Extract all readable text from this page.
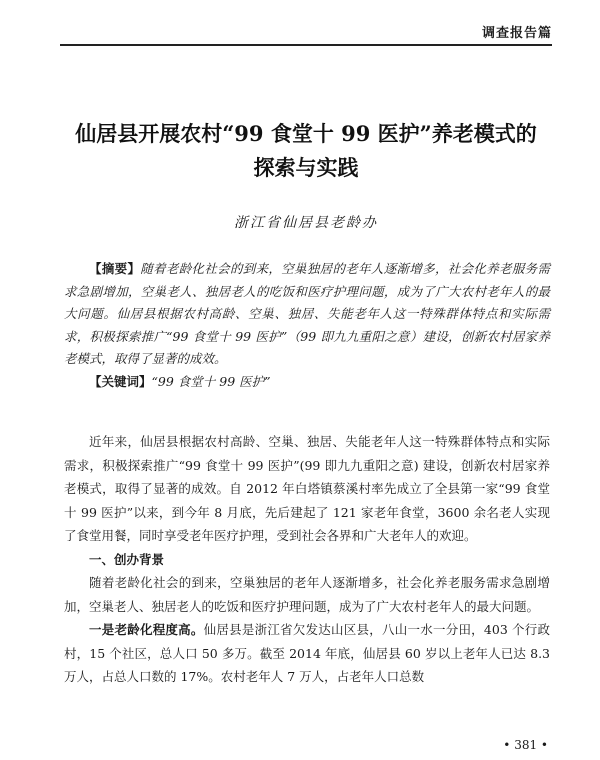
调查报告篇
仙居县开展农村“99 食堂十 99 医护”养老模式的
探索与实践
浙江省仙居县老龄办

【摘要】随着老龄化社会的到来，空巢独居的老年人逐渐增多，社会化养老服务需求急剧增加，空巢老人、独居老人的吃饭和医疗护理问题，成为了广大农村老年人的最大问题。仙居县根据农村高龄、空巢、独居、失能老年人这一特殊群体特点和实际需求，积极探索推广“99 食堂十 99 医护”（99 即九九重阳之意）建设，创新农村居家养老模式，取得了显著的成效。

【关键词】“99 食堂十 99 医护”

近年来，仙居县根据农村高龄、空巢、独居、失能老年人这一特殊群体特点和实际需求，积极探索推广“99 食堂十 99 医护”(99 即九九重阳之意) 建设，创新农村居家养老模式，取得了显著的成效。自 2012 年白塔镇蔡溪村率先成立了全县第一家“99 食堂十 99 医护”以来，到今年 8 月底，先后建起了 121 家老年食堂，3600 余名老人实现了食堂用餐，同时享受老年医疗护理，受到社会各界和广大老年人的欢迎。

一、创办背景

随着老龄化社会的到来，空巢独居的老年人逐渐增多，社会化养老服务需求急剧增加，空巢老人、独居老人的吃饭和医疗护理问题，成为了广大农村老年人的最大问题。

一是老龄化程度高。仙居县是浙江省欠发达山区县，八山一水一分田，403 个行政村，15 个社区，总人口 50 多万。截至 2014 年底，仙居县 60 岁以上老年人已达 8.3 万人，占总人口数的 17%。农村老年人 7 万人，占老年人口总数

• 381 •
